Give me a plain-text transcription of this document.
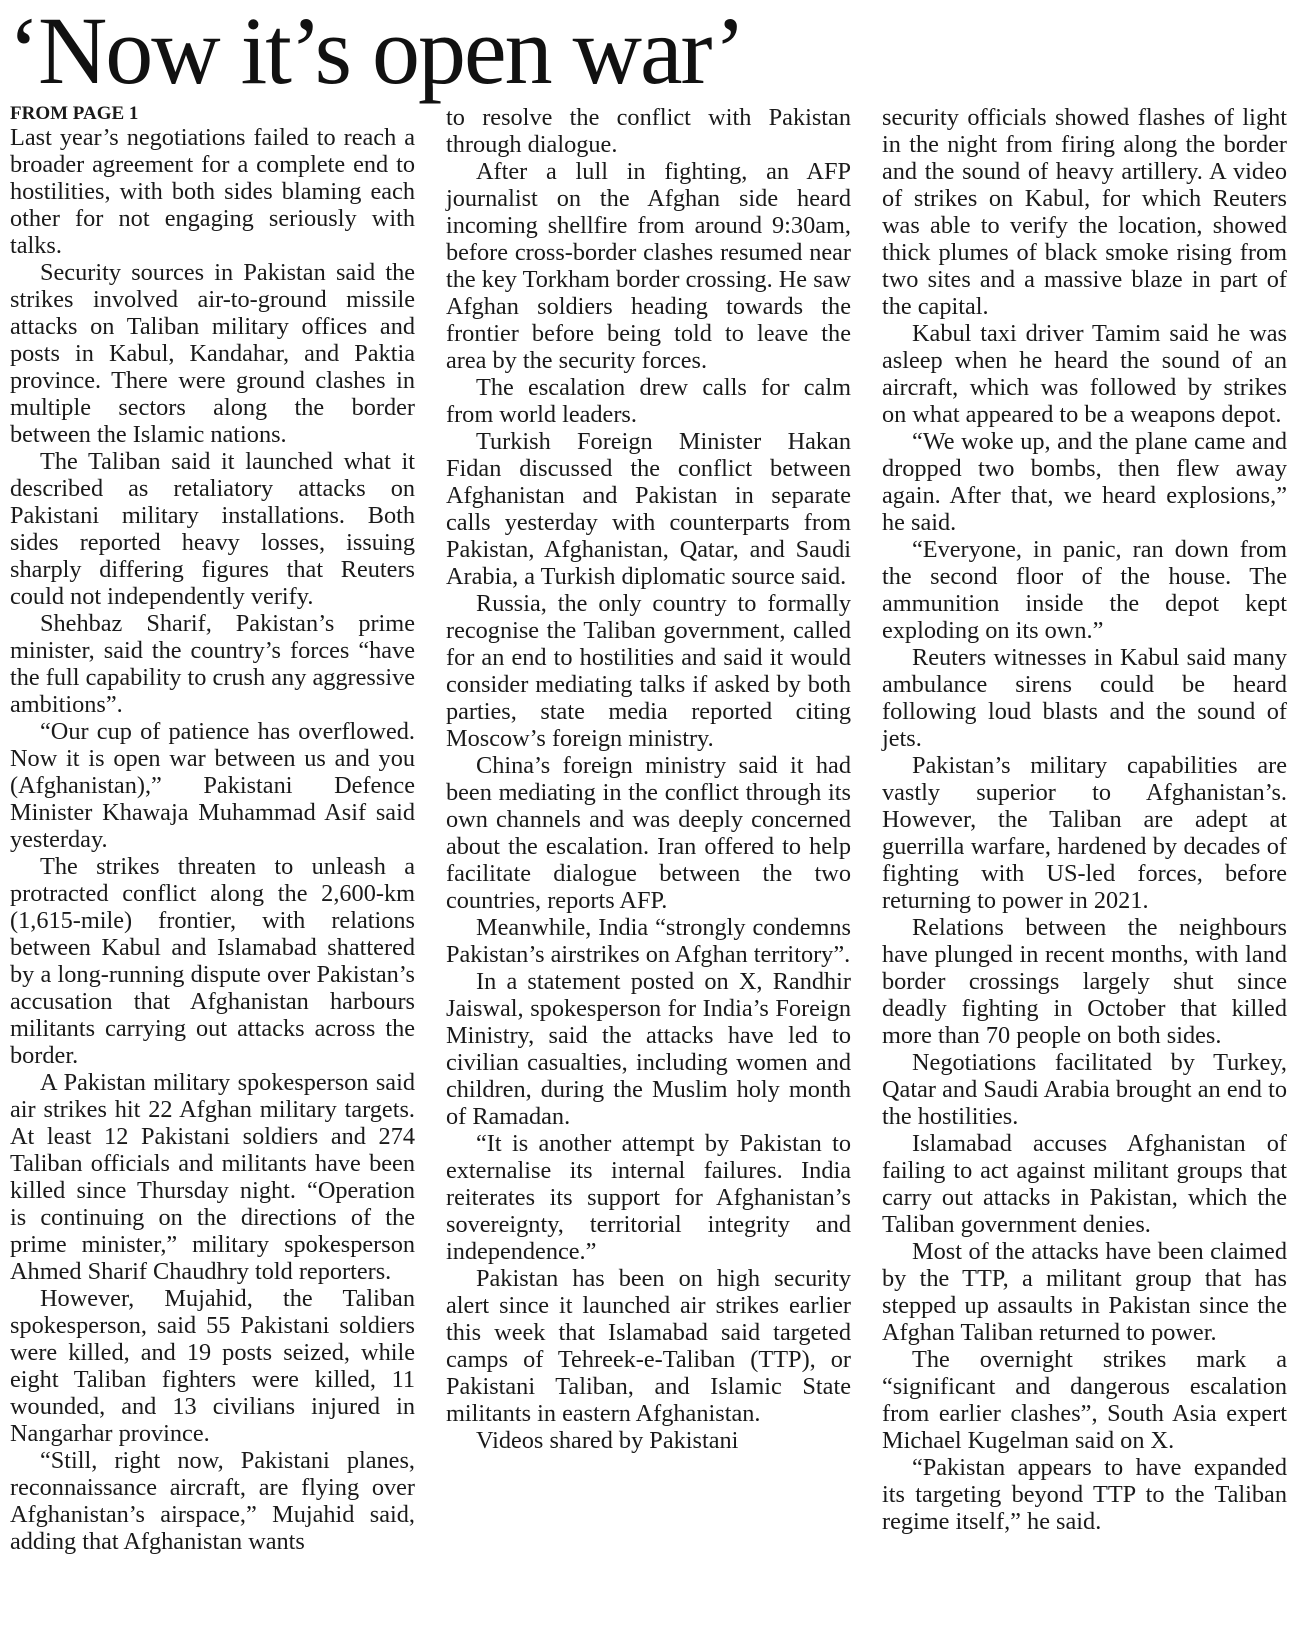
‘Now it’s open war’
FROM PAGE 1

Last year’s negotiations failed to reach a broader agreement for a complete end to hostilities, with both sides blaming each other for not engaging seriously with talks.

Security sources in Pakistan said the strikes involved air-to-ground missile attacks on Taliban military offices and posts in Kabul, Kandahar, and Paktia province. There were ground clashes in multiple sectors along the border between the Islamic nations.

The Taliban said it launched what it described as retaliatory attacks on Pakistani military installations. Both sides reported heavy losses, issuing sharply differing figures that Reuters could not independently verify.

Shehbaz Sharif, Pakistan’s prime minister, said the country’s forces “have the full capability to crush any aggressive ambitions”.

“Our cup of patience has overflowed. Now it is open war between us and you (Afghanistan),” Pakistani Defence Minister Khawaja Muhammad Asif said yesterday.

The strikes threaten to unleash a protracted conflict along the 2,600-km (1,615-mile) frontier, with relations between Kabul and Islamabad shattered by a long-running dispute over Pakistan’s accusation that Afghanistan harbours militants carrying out attacks across the border.

A Pakistan military spokesperson said air strikes hit 22 Afghan military targets. At least 12 Pakistani soldiers and 274 Taliban officials and militants have been killed since Thursday night. “Operation is continuing on the directions of the prime minister,” military spokesperson Ahmed Sharif Chaudhry told reporters.

However, Mujahid, the Taliban spokesperson, said 55 Pakistani soldiers were killed, and 19 posts seized, while eight Taliban fighters were killed, 11 wounded, and 13 civilians injured in Nangarhar province.

“Still, right now, Pakistani planes, reconnaissance aircraft, are flying over Afghanistan’s airspace,” Mujahid said, adding that Afghanistan wants

to resolve the conflict with Pakistan through dialogue.

After a lull in fighting, an AFP journalist on the Afghan side heard incoming shellfire from around 9:30am, before cross-border clashes resumed near the key Torkham border crossing. He saw Afghan soldiers heading towards the frontier before being told to leave the area by the security forces.

The escalation drew calls for calm from world leaders.

Turkish Foreign Minister Hakan Fidan discussed the conflict between Afghanistan and Pakistan in separate calls yesterday with counterparts from Pakistan, Afghanistan, Qatar, and Saudi Arabia, a Turkish diplomatic source said.

Russia, the only country to formally recognise the Taliban government, called for an end to hostilities and said it would consider mediating talks if asked by both parties, state media reported citing Moscow’s foreign ministry.

China’s foreign ministry said it had been mediating in the conflict through its own channels and was deeply concerned about the escalation. Iran offered to help facilitate dialogue between the two countries, reports AFP.

Meanwhile, India “strongly condemns Pakistan’s airstrikes on Afghan territory”.

In a statement posted on X, Randhir Jaiswal, spokesperson for India’s Foreign Ministry, said the attacks have led to civilian casualties, including women and children, during the Muslim holy month of Ramadan.

“It is another attempt by Pakistan to externalise its internal failures. India reiterates its support for Afghanistan’s sovereignty, territorial integrity and independence.”

Pakistan has been on high security alert since it launched air strikes earlier this week that Islamabad said targeted camps of Tehreek-e-Taliban (TTP), or Pakistani Taliban, and Islamic State militants in eastern Afghanistan.

Videos shared by Pakistani

security officials showed flashes of light in the night from firing along the border and the sound of heavy artillery. A video of strikes on Kabul, for which Reuters was able to verify the location, showed thick plumes of black smoke rising from two sites and a massive blaze in part of the capital.

Kabul taxi driver Tamim said he was asleep when he heard the sound of an aircraft, which was followed by strikes on what appeared to be a weapons depot.

“We woke up, and the plane came and dropped two bombs, then flew away again. After that, we heard explosions,” he said.

“Everyone, in panic, ran down from the second floor of the house. The ammunition inside the depot kept exploding on its own.”

Reuters witnesses in Kabul said many ambulance sirens could be heard following loud blasts and the sound of jets.

Pakistan’s military capabilities are vastly superior to Afghanistan’s. However, the Taliban are adept at guerrilla warfare, hardened by decades of fighting with US-led forces, before returning to power in 2021.

Relations between the neighbours have plunged in recent months, with land border crossings largely shut since deadly fighting in October that killed more than 70 people on both sides.

Negotiations facilitated by Turkey, Qatar and Saudi Arabia brought an end to the hostilities.

Islamabad accuses Afghanistan of failing to act against militant groups that carry out attacks in Pakistan, which the Taliban government denies.

Most of the attacks have been claimed by the TTP, a militant group that has stepped up assaults in Pakistan since the Afghan Taliban returned to power.

The overnight strikes mark a “significant and dangerous escalation from earlier clashes”, South Asia expert Michael Kugelman said on X.

“Pakistan appears to have expanded its targeting beyond TTP to the Taliban regime itself,” he said.
